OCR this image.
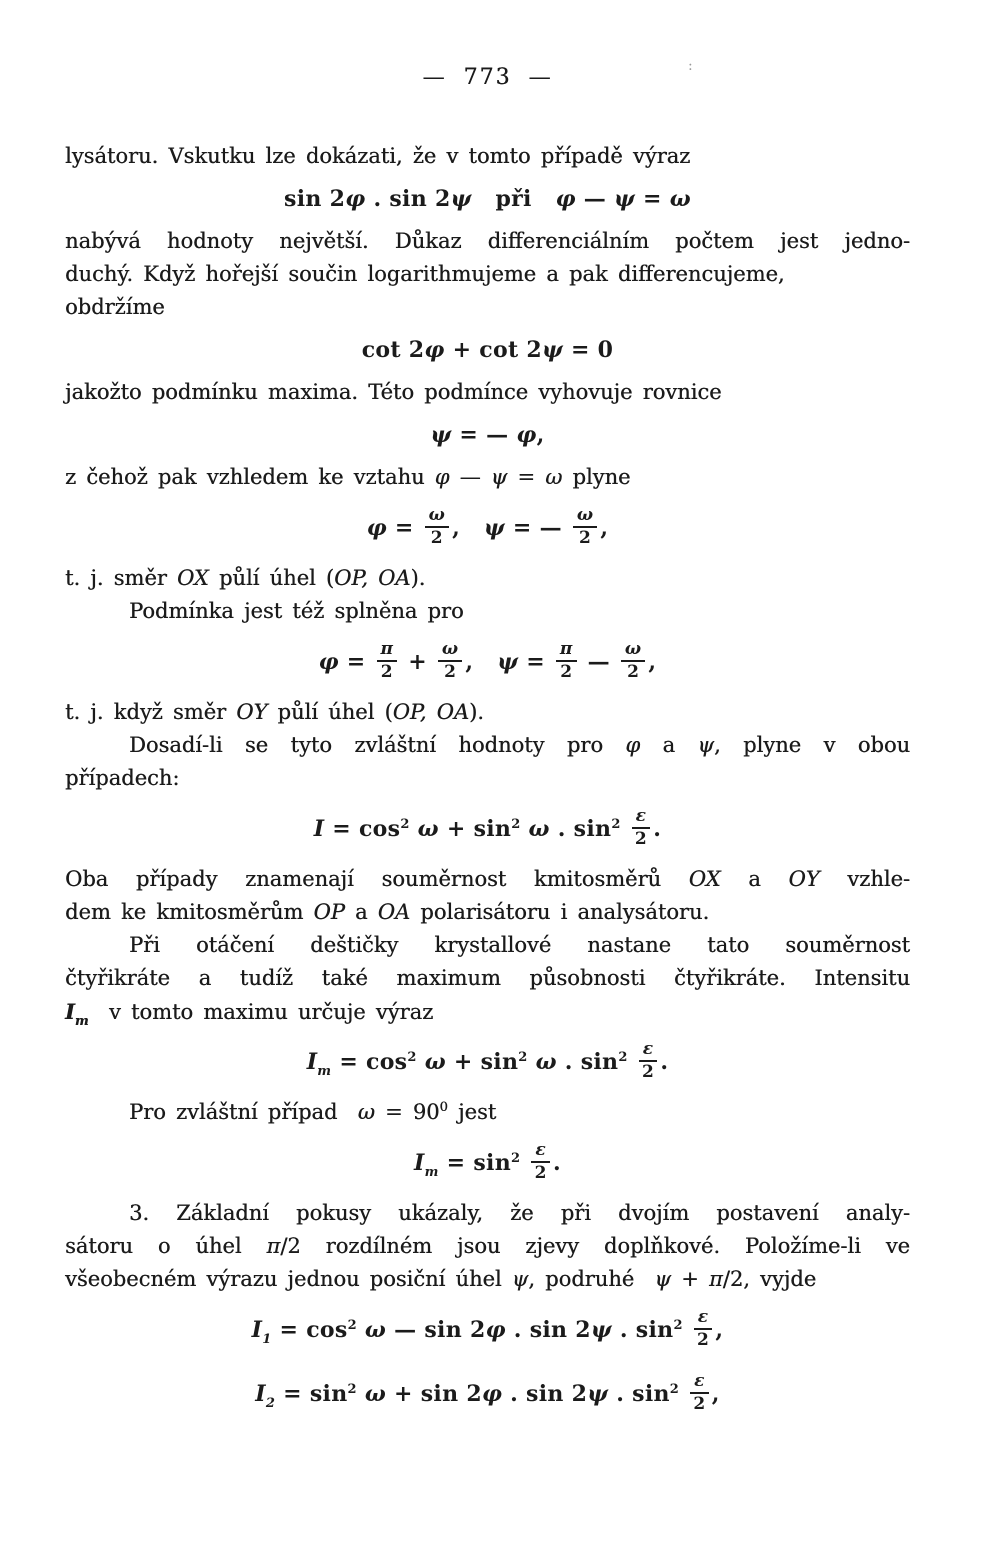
:
— 773 —
lysátoru. Vskutku lze dokázati, že v tomto případě výraz
sin 2φ . sin 2ψ   při   φ — ψ = ω
nabývá hodnoty největší. Důkaz differenciálním počtem jest jedno-
duchý. Když hořejší součin logarithmujeme a pak differencujeme,
obdržíme
cot 2φ + cot 2ψ = 0
jakožto podmínku maxima. Této podmínce vyhovuje rovnice
ψ = — φ,
z čehož pak vzhledem ke vztahu φ — ψ = ω plyne
$\varphi = \frac{\omega}{2}$ ,   ψ = — $\frac{\omega}{2}$ ,
t. j. směr OX půlí úhel (OP, OA).
Podmínka jest též splněna pro
$\varphi = \frac{\pi}{2} + \frac{\omega}{2}$ ,   $\psi = \frac{\pi}{2}$ — $\frac{\omega}{2}$ ,
t. j. když směr OY půlí úhel (OP, OA).
Dosadí-li se tyto zvláštní hodnoty pro φ a ψ, plyne v obou
případech:
$I = \cos^2 \omega + \sin^2 \omega$ . $\sin^2 \frac{\varepsilon}{2}$ .
Oba případy znamenají souměrnost kmitosměrů OX a OY vzhle-
dem ke kmitosměrům OP a OA polarisátoru i analysátoru.
Při otáčení deštičky krystallové nastane tato souměrnost
čtyřikráte a tudíž také maximum působnosti čtyřikráte. Intensitu
$I_m$  v tomto maximu určuje výraz
$I_m = \cos^2 \omega + \sin^2 \omega$ . $\sin^2 \frac{\varepsilon}{2}$ .
Pro zvláštní případ  $\omega = 90^0$ jest
$I_m = \sin^2 \frac{\varepsilon}{2}$ .
3. Základní pokusy ukázaly, že při dvojím postavení analy-
sátoru o úhel π/2 rozdílném jsou zjevy doplňkové. Položíme-li ve
všeobecném výrazu jednou posiční úhel ψ, podruhé  ψ + π/2, vyjde
$I_1 = \cos^2 \omega$ — sin 2φ . sin 2ψ . $\sin^2 \frac{\varepsilon}{2}$ ,
$I_2 = \sin^2 \omega + \sin 2\varphi$ . sin 2ψ . $\sin^2 \frac{\varepsilon}{2}$ ,
